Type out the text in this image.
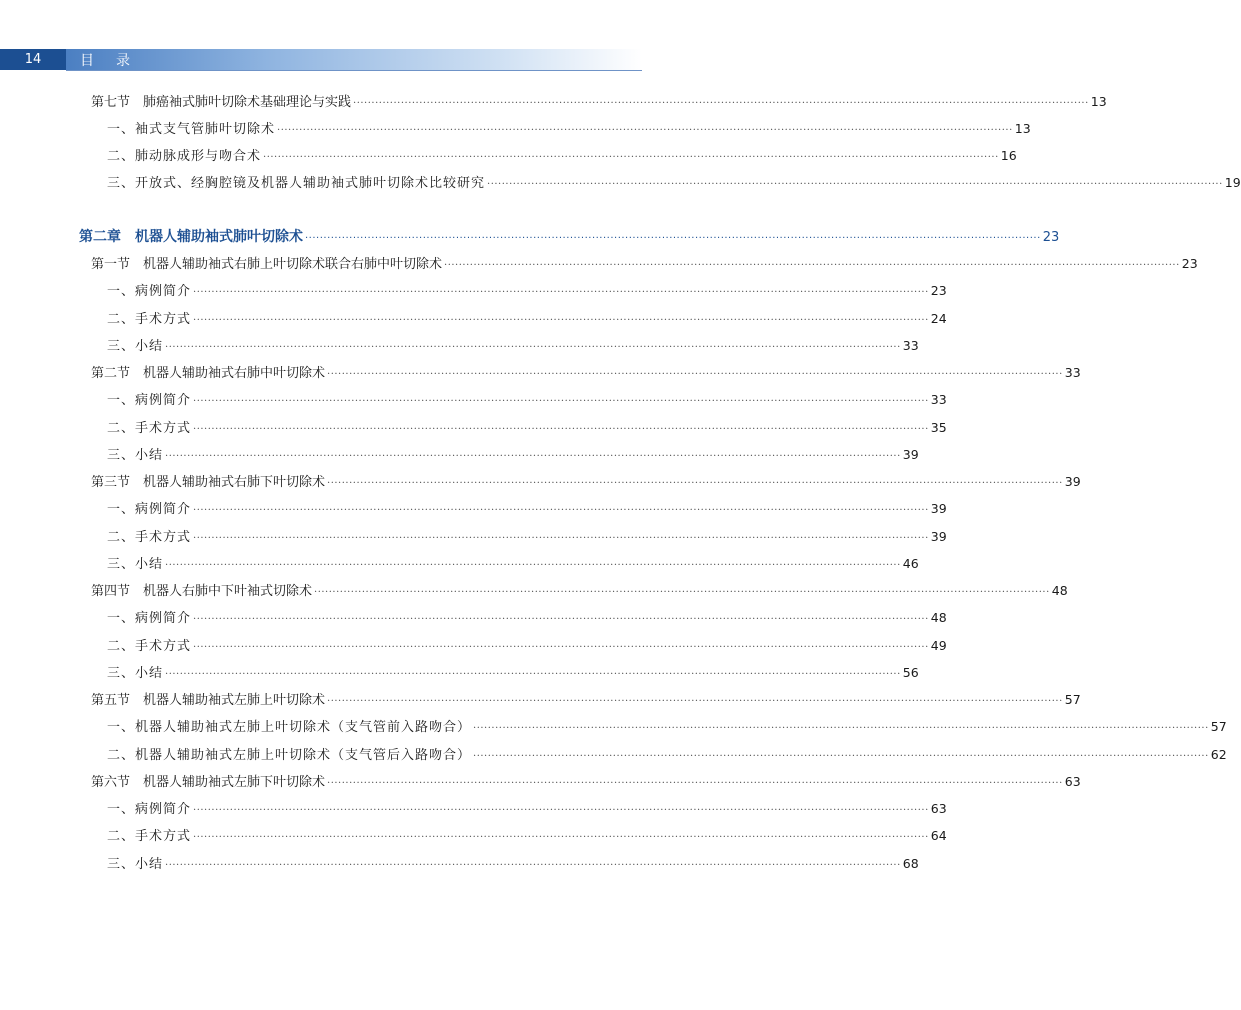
14	目录
第七节　肺癌袖式肺叶切除术基础理论与实践 ········································································································································································································ 13
一、袖式支气管肺叶切除术 ········································································································································································································ 13
二、肺动脉成形与吻合术 ········································································································································································································ 16
三、开放式、经胸腔镜及机器人辅助袖式肺叶切除术比较研究 ········································································································································································································ 19
第二章　机器人辅助袖式肺叶切除术 ········································································································································································································ 23
第一节　机器人辅助袖式右肺上叶切除术联合右肺中叶切除术 ········································································································································································································ 23
一、病例简介 ········································································································································································································ 23
二、手术方式 ········································································································································································································ 24
三、小结 ········································································································································································································ 33
第二节　机器人辅助袖式右肺中叶切除术 ········································································································································································································ 33
一、病例简介 ········································································································································································································ 33
二、手术方式 ········································································································································································································ 35
三、小结 ········································································································································································································ 39
第三节　机器人辅助袖式右肺下叶切除术 ········································································································································································································ 39
一、病例简介 ········································································································································································································ 39
二、手术方式 ········································································································································································································ 39
三、小结 ········································································································································································································ 46
第四节　机器人右肺中下叶袖式切除术 ········································································································································································································ 48
一、病例简介 ········································································································································································································ 48
二、手术方式 ········································································································································································································ 49
三、小结 ········································································································································································································ 56
第五节　机器人辅助袖式左肺上叶切除术 ········································································································································································································ 57
一、机器人辅助袖式左肺上叶切除术（支气管前入路吻合） ········································································································································································································ 57
二、机器人辅助袖式左肺上叶切除术（支气管后入路吻合） ········································································································································································································ 62
第六节　机器人辅助袖式左肺下叶切除术 ········································································································································································································ 63
一、病例简介 ········································································································································································································ 63
二、手术方式 ········································································································································································································ 64
三、小结 ········································································································································································································ 68
